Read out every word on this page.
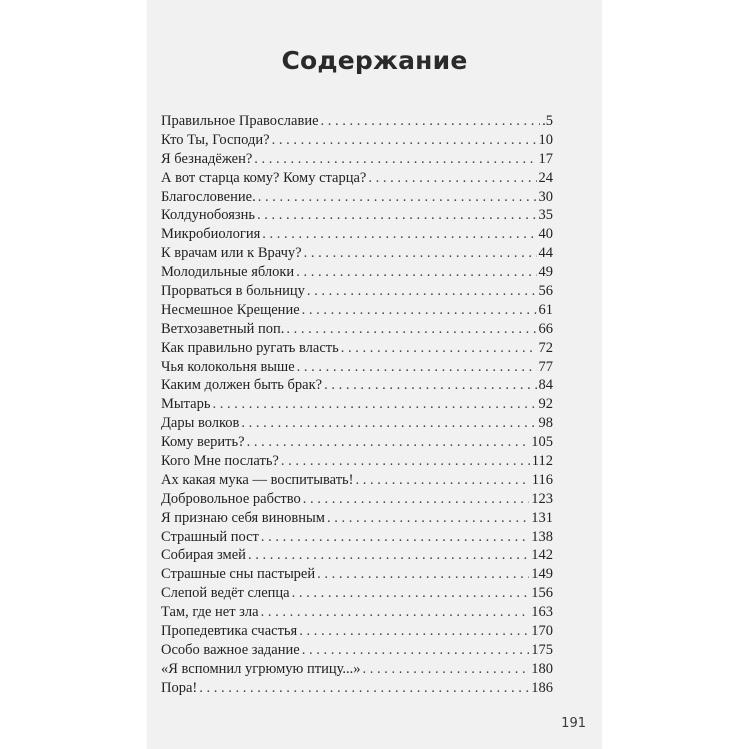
Содержание
Правильное Православие . . .	.5
Кто Ты, Господи? . . .	10
Я безнадёжен? . . .	17
А вот старца кому? Кому старца? . . .	24
Благословение. . . .	30
Колдунобоязнь . . .	35
Микробиология . . .	40
К врачам или к Врачу? . . .	44
Молодильные яблоки . . .	49
Прорваться в больницу . . .	56
Несмешное Крещение . . .	61
Ветхозаветный поп. . . .	66
Как правильно ругать власть . . .	72
Чья колокольня выше . . .	77
Каким должен быть брак? . . .	84
Мытарь . . .	92
Дары волков . . .	98
Кому верить? . . .	105
Кого Мне послать? . . .	112
Ах какая мука — воспитывать! . . .	116
Добровольное рабство . . .	123
Я признаю себя виновным . . .	131
Страшный пост . . .	138
Собирая змей . . .	142
Страшные сны пастырей . . .	149
Слепой ведёт слепца . . .	156
Там, где нет зла . . .	163
Пропедевтика счастья . . .	170
Особо важное задание . . .	175
«Я вспомнил угрюмую птицу...» . . .	180
Пора! . . .	186
191
